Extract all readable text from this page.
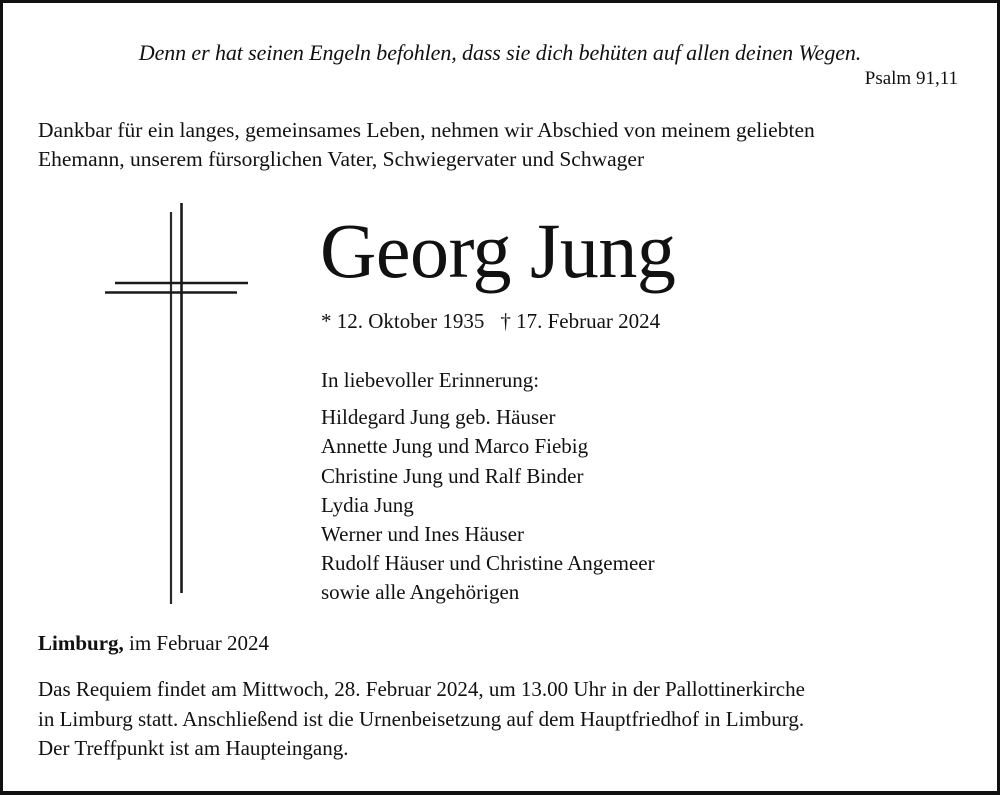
Denn er hat seinen Engeln befohlen, dass sie dich behüten auf allen deinen Wegen.
Psalm 91,11
Dankbar für ein langes, gemeinsames Leben, nehmen wir Abschied von meinem geliebten
Ehemann, unserem fürsorglichen Vater, Schwiegervater und Schwager
Georg Jung
* 12. Oktober 1935 † 17. Februar 2024
In liebevoller Erinnerung:
Hildegard Jung geb. Häuser
Annette Jung und Marco Fiebig
Christine Jung und Ralf Binder
Lydia Jung
Werner und Ines Häuser
Rudolf Häuser und Christine Angemeer
sowie alle Angehörigen
Limburg, im Februar 2024
Das Requiem findet am Mittwoch, 28. Februar 2024, um 13.00 Uhr in der Pallottinerkirche
in Limburg statt. Anschließend ist die Urnenbeisetzung auf dem Hauptfriedhof in Limburg.
Der Treffpunkt ist am Haupteingang.
